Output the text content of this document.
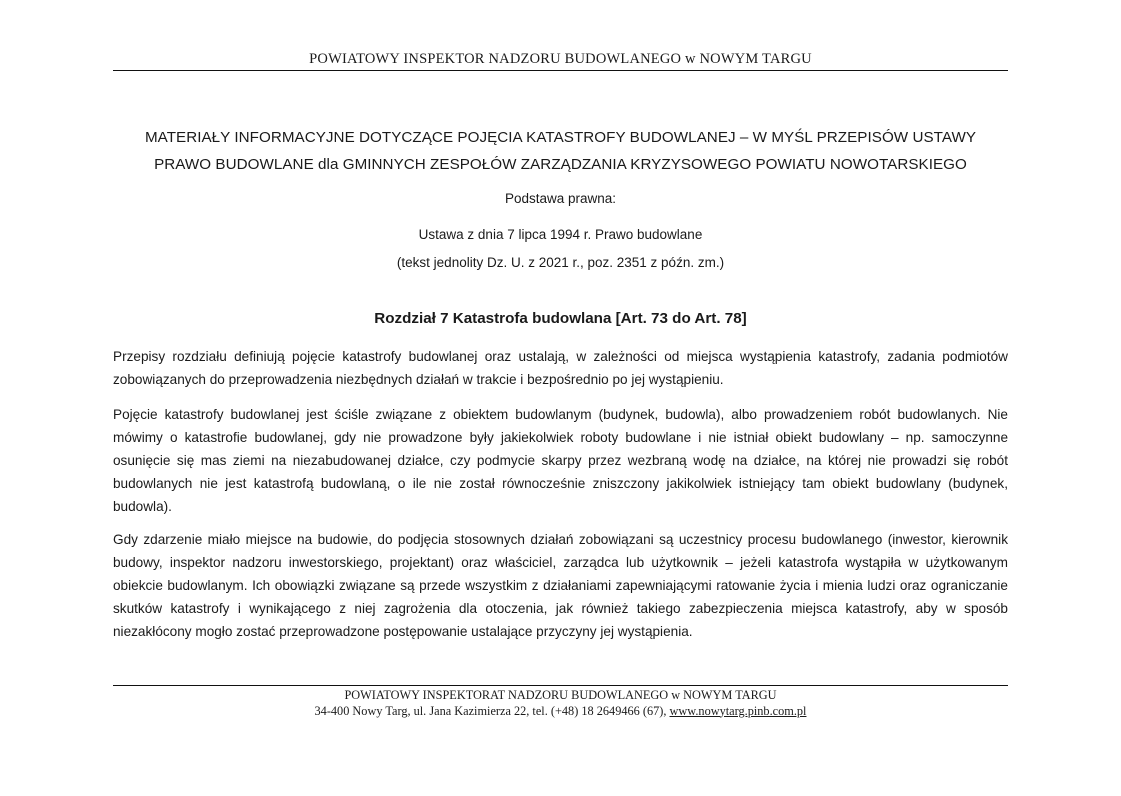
POWIATOWY INSPEKTOR NADZORU BUDOWLANEGO w NOWYM TARGU
MATERIAŁY INFORMACYJNE DOTYCZĄCE POJĘCIA KATASTROFY BUDOWLANEJ – W MYŚL PRZEPISÓW USTAWY
PRAWO BUDOWLANE dla GMINNYCH ZESPOŁÓW ZARZĄDZANIA KRYZYSOWEGO POWIATU NOWOTARSKIEGO
Podstawa prawna:
Ustawa z dnia 7 lipca 1994 r. Prawo budowlane
(tekst jednolity Dz. U. z 2021 r., poz. 2351 z późn. zm.)
Rozdział 7 Katastrofa budowlana [Art. 73 do Art. 78]

Przepisy rozdziału definiują pojęcie katastrofy budowlanej oraz ustalają, w zależności od miejsca wystąpienia katastrofy, zadania podmiotów zobowiązanych do przeprowadzenia niezbędnych działań w trakcie i bezpośrednio po jej wystąpieniu.

Pojęcie katastrofy budowlanej jest ściśle związane z obiektem budowlanym (budynek, budowla), albo prowadzeniem robót budowlanych. Nie mówimy o katastrofie budowlanej, gdy nie prowadzone były jakiekolwiek roboty budowlane i nie istniał obiekt budowlany – np. samoczynne osunięcie się mas ziemi na niezabudowanej działce, czy podmycie skarpy przez wezbraną wodę na działce, na której nie prowadzi się robót budowlanych nie jest katastrofą budowlaną, o ile nie został równocześnie zniszczony jakikolwiek istniejący tam obiekt budowlany (budynek, budowla).

Gdy zdarzenie miało miejsce na budowie, do podjęcia stosownych działań zobowiązani są uczestnicy procesu budowlanego (inwestor, kierownik budowy, inspektor nadzoru inwestorskiego, projektant) oraz właściciel, zarządca lub użytkownik – jeżeli katastrofa wystąpiła w użytkowanym obiekcie budowlanym. Ich obowiązki związane są przede wszystkim z działaniami zapewniającymi ratowanie życia i mienia ludzi oraz ograniczanie skutków katastrofy i wynikającego z niej zagrożenia dla otoczenia, jak również takiego zabezpieczenia miejsca katastrofy, aby w sposób niezakłócony mogło zostać przeprowadzone postępowanie ustalające przyczyny jej wystąpienia.

POWIATOWY INSPEKTORAT NADZORU BUDOWLANEGO w NOWYM TARGU
34-400 Nowy Targ, ul. Jana Kazimierza 22, tel. (+48) 18 2649466 (67), www.nowytarg.pinb.com.pl
